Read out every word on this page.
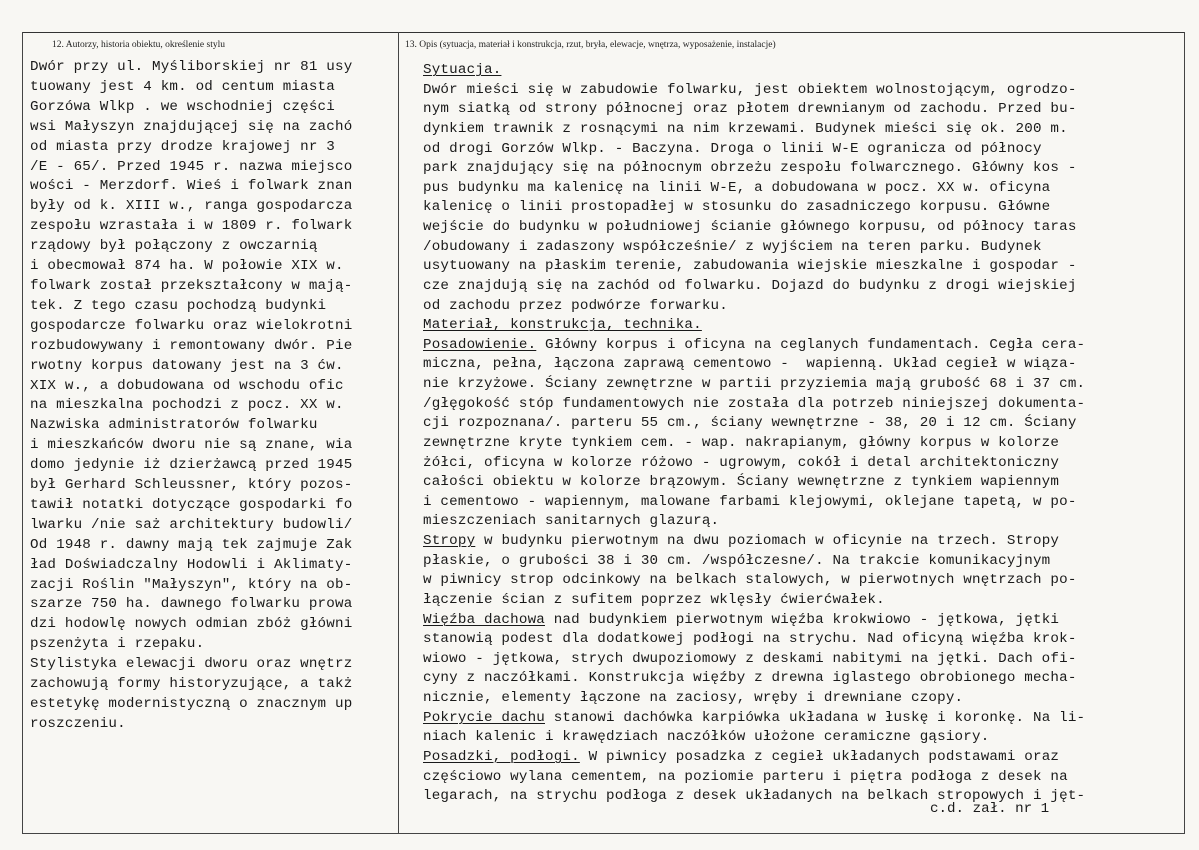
12. Autorzy, historia obiektu, określenie stylu	13. Opis (sytuacja, materiał i konstrukcja, rzut, bryła, elewacje, wnętrza, wyposażenie, instalacje)
Dwór przy ul. Myśliborskiej nr 81 usy
tuowany jest 4 km. od centum miasta
Gorzówa Wlkp . we wschodniej części
wsi Małyszyn znajdującej się na zachó
od miasta przy drodze krajowej nr 3
/E - 65/. Przed 1945 r. nazwa miejsco
wości - Merzdorf. Wieś i folwark znan
były od k. XIII w., ranga gospodarcza
zespołu wzrastała i w 1809 r. folwark
rządowy był połączony z owczarnią
i obecmował 874 ha. W połowie XIX w.
folwark został przekształcony w mają-
tek. Z tego czasu pochodzą budynki
gospodarcze folwarku oraz wielokrotni
rozbudowywany i remontowany dwór. Pie
rwotny korpus datowany jest na 3 ćw.
XIX w., a dobudowana od wschodu ofic
na mieszkalna pochodzi z pocz. XX w.
Nazwiska administratorów folwarku
i mieszkańców dworu nie są znane, wia
domo jedynie iż dzierżawcą przed 1945
był Gerhard Schleussner, który pozos-
tawił notatki dotyczące gospodarki fo
lwarku /nie saż architektury budowli/
Od 1948 r. dawny mają tek zajmuje Zak
ład Doświadczalny Hodowli i Aklimaty-
zacji Roślin "Małyszyn", który na ob-
szarze 750 ha. dawnego folwarku prowa
dzi hodowlę nowych odmian zbóż główni
pszenżyta i rzepaku.
Stylistyka elewacji dworu oraz wnętrz
zachowują formy historyzujące, a takż
estetykę modernistyczną o znacznym up
roszczeniu.
Sytuacja.
Dwór mieści się w zabudowie folwarku, jest obiektem wolnostojącym, ogrodzo-
nym siatką od strony północnej oraz płotem drewnianym od zachodu. Przed bu-
dynkiem trawnik z rosnącymi na nim krzewami. Budynek mieści się ok. 200 m.
od drogi Gorzów Wlkp. - Baczyna. Droga o linii W-E ogranicza od północy
park znajdujący się na północnym obrzeżu zespołu folwarcznego. Główny kos -
pus budynku ma kalenicę na linii W-E, a dobudowana w pocz. XX w. oficyna
kalenicę o linii prostopadłej w stosunku do zasadniczego korpusu. Główne
wejście do budynku w południowej ścianie głównego korpusu, od północy taras
/obudowany i zadaszony współcześnie/ z wyjściem na teren parku. Budynek
usytuowany na płaskim terenie, zabudowania wiejskie mieszkalne i gospodar -
cze znajdują się na zachód od folwarku. Dojazd do budynku z drogi wiejskiej
od zachodu przez podwórze forwarku.
Materiał, konstrukcja, technika.
Posadowienie. Główny korpus i oficyna na ceglanych fundamentach. Cegła cera-
miczna, pełna, łączona zaprawą cementowo -  wapienną. Układ cegieł w wiąza-
nie krzyżowe. Ściany zewnętrzne w partii przyziemia mają grubość 68 i 37 cm.
/głęgokość stóp fundamentowych nie została dla potrzeb niniejszej dokumenta-
cji rozpoznana/. parteru 55 cm., ściany wewnętrzne - 38, 20 i 12 cm. Ściany
zewnętrzne kryte tynkiem cem. - wap. nakrapianym, główny korpus w kolorze
żółci, oficyna w kolorze różowo - ugrowym, cokół i detal architektoniczny
całości obiektu w kolorze brązowym. Ściany wewnętrzne z tynkiem wapiennym
i cementowo - wapiennym, malowane farbami klejowymi, oklejane tapetą, w po-
mieszczeniach sanitarnych glazurą.
Stropy w budynku pierwotnym na dwu poziomach w oficynie na trzech. Stropy
płaskie, o grubości 38 i 30 cm. /współczesne/. Na trakcie komunikacyjnym
w piwnicy strop odcinkowy na belkach stalowych, w pierwotnych wnętrzach po-
łączenie ścian z sufitem poprzez wklęsły ćwierćwałek.
Więźba dachowa nad budynkiem pierwotnym więźba krokwiowo - jętkowa, jętki
stanowią podest dla dodatkowej podłogi na strychu. Nad oficyną więźba krok-
wiowo - jętkowa, strych dwupoziomowy z deskami nabitymi na jętki. Dach ofi-
cyny z naczółkami. Konstrukcja więźby z drewna iglastego obrobionego mecha-
nicznie, elementy łączone na zaciosy, wręby i drewniane czopy.
Pokrycie dachu stanowi dachówka karpiówka układana w łuskę i koronkę. Na li-
niach kalenic i krawędziach naczółków ułożone ceramiczne gąsiory.
Posadzki, podłogi. W piwnicy posadzka z cegieł układanych podstawami oraz
częściowo wylana cementem, na poziomie parteru i piętra podłoga z desek na
legarach, na strychu podłoga z desek układanych na belkach stropowych i jęt-
c.d. zał. nr 1
